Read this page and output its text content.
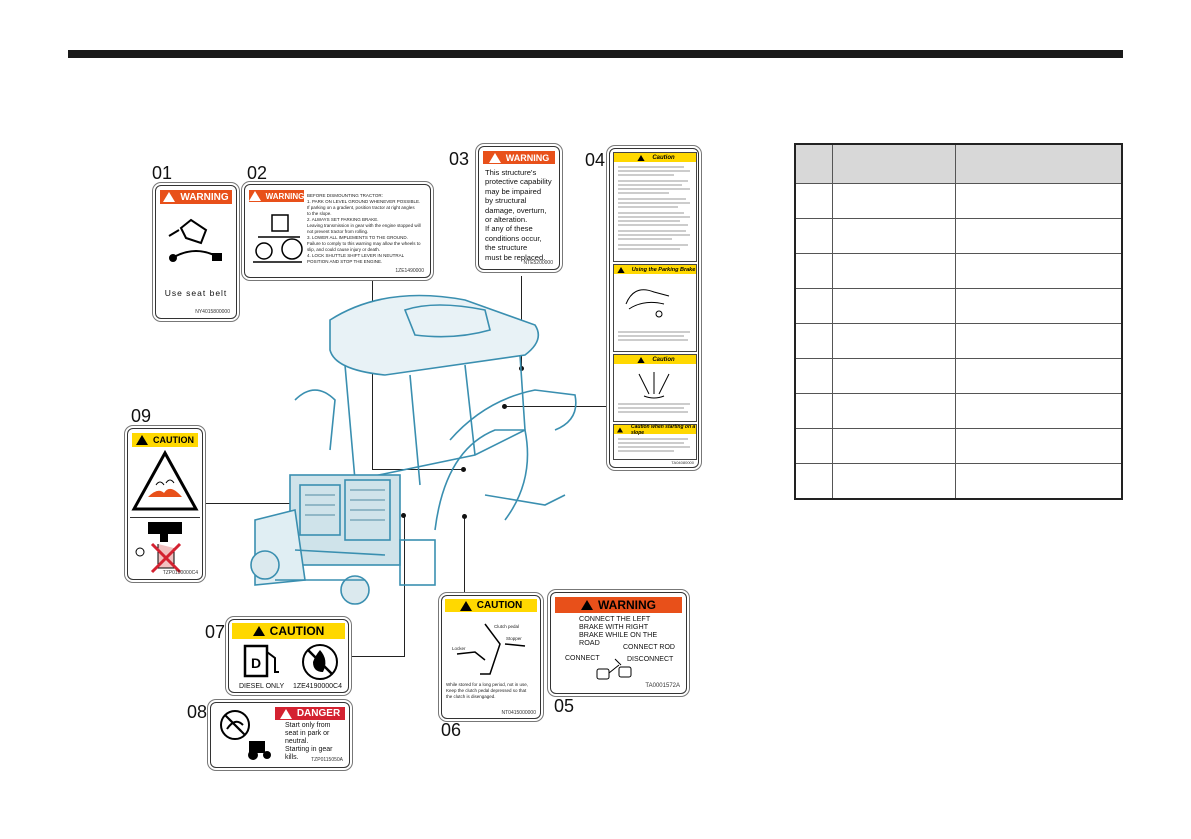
01	02
03	04
05
06
07
08
09
WARNING
Use seat belt
NY4015800000
WARNING BEFORE DISMOUNTING TRACTOR:
1. PARK ON LEVEL GROUND WHENEVER POSSIBLE.
If parking on a gradient, position tractor at right angles
to the slope.
2. ALWAYS SET PARKING BRAKE.
Leaving transmission in gear with the engine stopped will
not prevent tractor from rolling.
3. LOWER ALL IMPLEMENTS TO THE GROUND.
Failure to comply to this warning may allow the wheels to
slip, and could cause injury or death.
4. LOCK SHUTTLE SHIFT LEVER IN NEUTRAL
POSITION AND STOP THE ENGINE.
1ZE1490000
WARNING
This structure's
protective capability
may be impaired
by structural
damage, overturn,
or alteration.
If any of these
conditions occur,
the structure
must be replaced.
NTE5200000
Caution
Using the Parking Brake
Caution
Caution when starting on a slope
TA04080000
CAUTION
TZP0150000C4
CAUTION
D
DIESEL ONLY 1ZE4190000C4
DANGER
Start only from
seat in park or
neutral.
Starting in gear
kills.	TZP0115050A
CAUTION
Clutch pedal
Stopper
Locker
While stored for a long period, not in use,
Keep the clutch pedal depressed so that
the clutch is disengaged.
NT0415000000
WARNING
CONNECT THE LEFT
BRAKE WITH RIGHT
BRAKE WHILE ON THE
ROAD
CONNECT ROD
CONNECT	DISCONNECT
TA0001572A
